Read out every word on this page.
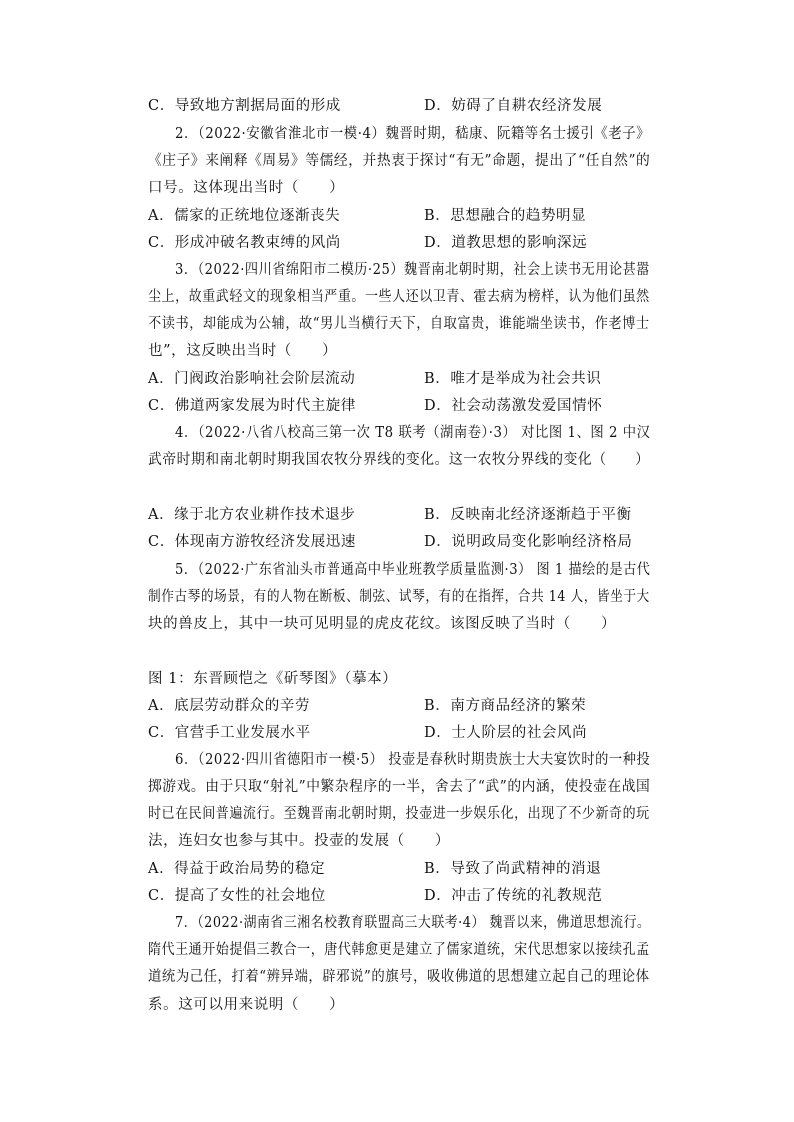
C．导致地方割据局面的形成	D．妨碍了自耕农经济发展
2．（2022·安徽省淮北市一模·4）魏晋时期，嵇康、阮籍等名士援引《老子》
《庄子》来阐释《周易》等儒经，并热衷于探讨“有无”命题，提出了“任自然”的
口号。这体现出当时（　　）
A．儒家的正统地位逐渐丧失	B．思想融合的趋势明显
C．形成冲破名教束缚的风尚	D．道教思想的影响深远
3．（2022·四川省绵阳市二模历·25）魏晋南北朝时期，社会上读书无用论甚嚣
尘上，故重武轻文的现象相当严重。一些人还以卫青、霍去病为榜样，认为他们虽然
不读书，却能成为公辅，故“男儿当横行天下，自取富贵，谁能端坐读书，作老博士
也”，这反映出当时（　　）
A．门阀政治影响社会阶层流动	B．唯才是举成为社会共识
C．佛道两家发展为时代主旋律	D．社会动荡激发爱国情怀
4．（2022·八省八校高三第一次 T8 联考（湖南卷）·3） 对比图 1、图 2 中汉
武帝时期和南北朝时期我国农牧分界线的变化。这一农牧分界线的变化（　　）
A．缘于北方农业耕作技术退步	B．反映南北经济逐渐趋于平衡
C．体现南方游牧经济发展迅速	D．说明政局变化影响经济格局
5．（2022·广东省汕头市普通高中毕业班教学质量监测·3） 图 1 描绘的是古代
制作古琴的场景，有的人物在断板、制弦、试琴，有的在指挥，合共 14 人，皆坐于大
块的兽皮上，其中一块可见明显的虎皮花纹。该图反映了当时（　　）
图 1：东晋顾恺之《斫琴图》（摹本）
A．底层劳动群众的辛劳	B．南方商品经济的繁荣
C．官营手工业发展水平	D．士人阶层的社会风尚
6．（2022·四川省德阳市一模·5） 投壶是春秋时期贵族士大夫宴饮时的一种投
掷游戏。由于只取“射礼”中繁杂程序的一半，舍去了“武”的内涵，使投壶在战国
时已在民间普遍流行。至魏晋南北朝时期，投壶进一步娱乐化，出现了不少新奇的玩
法，连妇女也参与其中。投壶的发展（　　）
A．得益于政治局势的稳定	B．导致了尚武精神的消退
C．提高了女性的社会地位	D．冲击了传统的礼教规范
7．（2022·湖南省三湘名校教育联盟高三大联考·4） 魏晋以来，佛道思想流行。
隋代王通开始提倡三教合一，唐代韩愈更是建立了儒家道统，宋代思想家以接续孔孟
道统为己任，打着“辨异端，辟邪说”的旗号，吸收佛道的思想建立起自己的理论体
系。这可以用来说明（　　）
